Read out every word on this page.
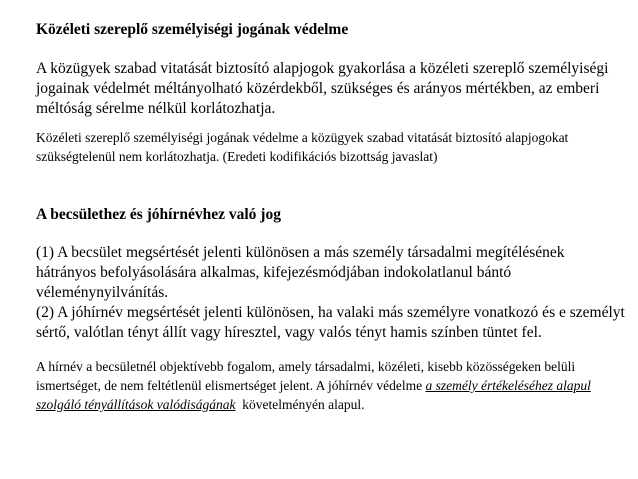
Közéleti szereplő személyiségi jogának védelme

A közügyek szabad vitatását biztosító alapjogok gyakorlása a közéleti szereplő személyiségi jogainak védelmét méltányolható közérdekből, szükséges és arányos mértékben, az emberi méltóság sérelme nélkül korlátozhatja.

Közéleti szereplő személyiségi jogának védelme a közügyek szabad vitatását biztosító alapjogokat szükségtelenül nem korlátozhatja. (Eredeti kodifikációs bizottság javaslat)

A becsülethez és jóhírnévhez való jog

(1) A becsület megsértését jelenti különösen a más személy társadalmi megítélésének hátrányos befolyásolására alkalmas, kifejezésmódjában indokolatlanul bántó véleménynyilvánítás.

(2) A jóhírnév megsértését jelenti különösen, ha valaki más személyre vonatkozó és e személyt sértő, valótlan tényt állít vagy híresztel, vagy valós tényt hamis színben tüntet fel.

A hírnév a becsületnél objektívebb fogalom, amely társadalmi, közéleti, kisebb közösségeken belüli ismertséget, de nem feltétlenül elismertséget jelent. A jóhírnév védelme a személy értékeléséhez alapul szolgáló tényállítások valódiságának  követelményén alapul.
